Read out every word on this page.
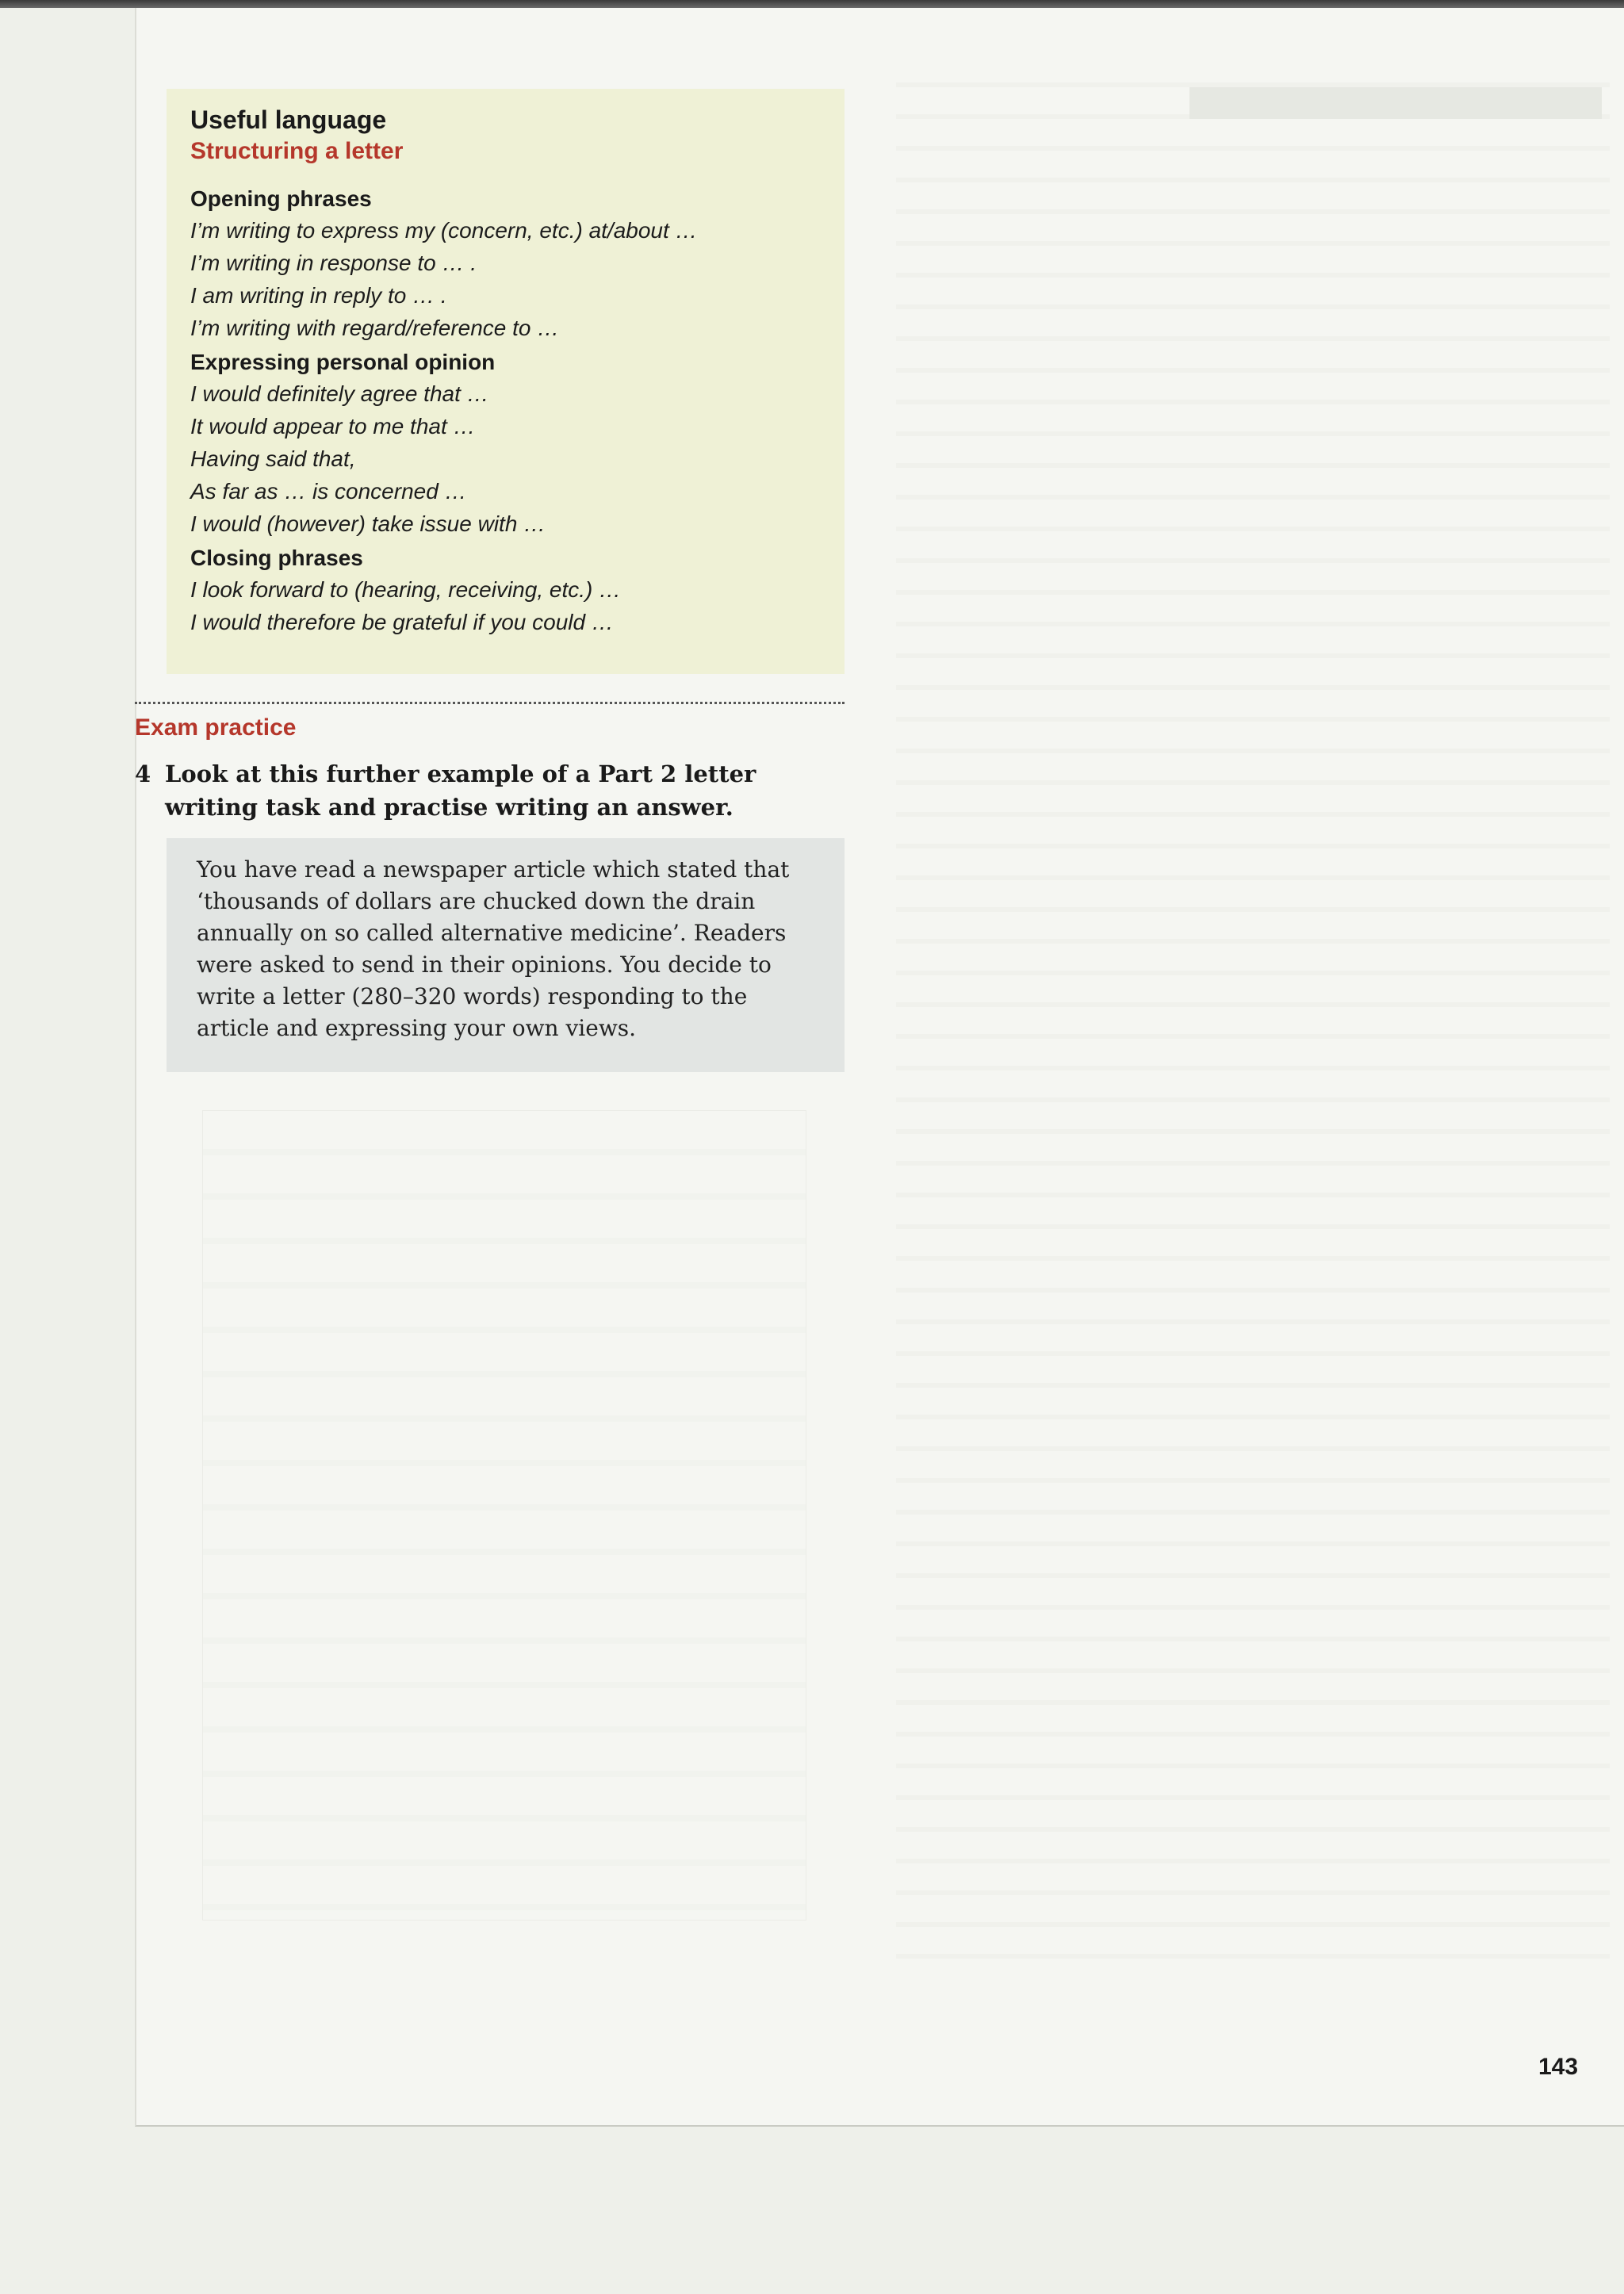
Useful language
Structuring a letter
Opening phrases
I’m writing to express my (concern, etc.) at/about …
I’m writing in response to … .
I am writing in reply to … .
I’m writing with regard/reference to …
Expressing personal opinion
I would definitely agree that …
It would appear to me that …
Having said that,
As far as … is concerned …
I would (however) take issue with …
Closing phrases
I look forward to (hearing, receiving, etc.) …
I would therefore be grateful if you could …
Exam practice
4 Look at this further example of a Part 2 letter writing task and practise writing an answer.
You have read a newspaper article which stated that ‘thousands of dollars are chucked down the drain annually on so called alternative medicine’. Readers were asked to send in their opinions. You decide to write a letter (280–320 words) responding to the article and expressing your own views.
143
